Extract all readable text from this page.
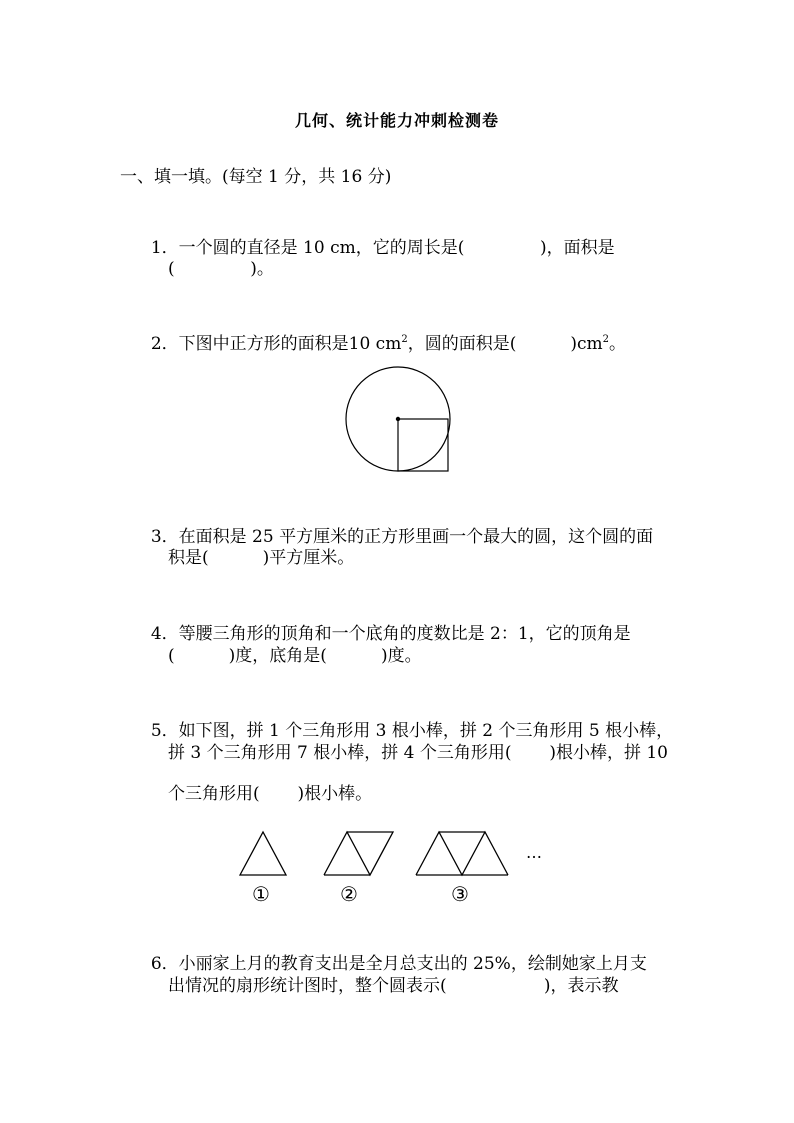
几何、统计能力冲刺检测卷
一、填一填。(每空 1 分，共 16 分)

1．一个圆的直径是 10 cm，它的周长是(              )，面积是

(              )。

2．下图中正方形的面积是10 $cm^2$，圆的面积是(          )$cm^2$。

3．在面积是 25 平方厘米的正方形里画一个最大的圆，这个圆的面

积是(          )平方厘米。

4．等腰三角形的顶角和一个底角的度数比是 2：1，它的顶角是

(          )度，底角是(          )度。

5．如下图，拼 1 个三角形用 3 根小棒，拼 2 个三角形用 5 根小棒，

拼 3 个三角形用 7 根小棒，拼 4 个三角形用(       )根小棒，拼 10
个三角形用(       )根小棒。
…
①	②	③

6．小丽家上月的教育支出是全月总支出的 25%，绘制她家上月支

出情况的扇形统计图时，整个圆表示(                  )，表示教
